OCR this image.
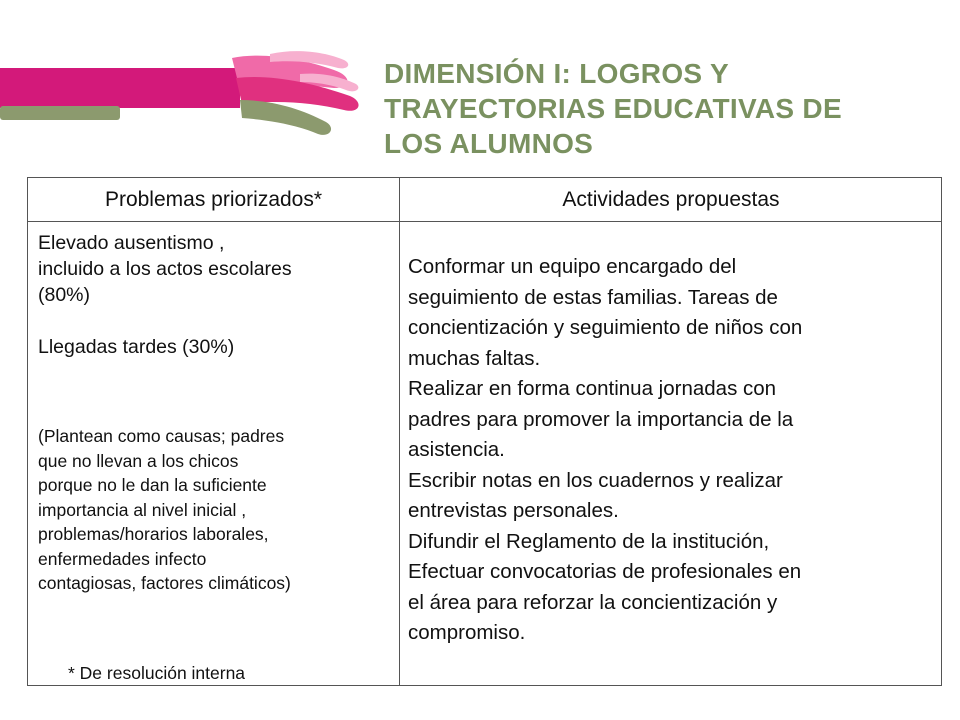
DIMENSIÓN I: LOGROS Y
TRAYECTORIAS EDUCATIVAS DE
LOS ALUMNOS
Problemas priorizados*	Actividades propuestas

Elevado ausentismo ,

incluido a los actos escolares

(80%)

Llegadas tardes (30%)

(Plantean como causas; padres

que no llevan a los chicos

porque no le dan la suficiente

importancia al nivel inicial ,

problemas/horarios laborales,

enfermedades infecto

contagiosas, factores climáticos)

* De resolución interna

Conformar un equipo encargado del

seguimiento de estas familias. Tareas de

concientización y seguimiento de niños con

muchas faltas.

Realizar en forma continua jornadas con

padres para promover la importancia de la

asistencia.

Escribir notas en los cuadernos y realizar

entrevistas personales.

Difundir el Reglamento de la institución,

Efectuar convocatorias de profesionales en

el área para reforzar la concientización y

compromiso.
